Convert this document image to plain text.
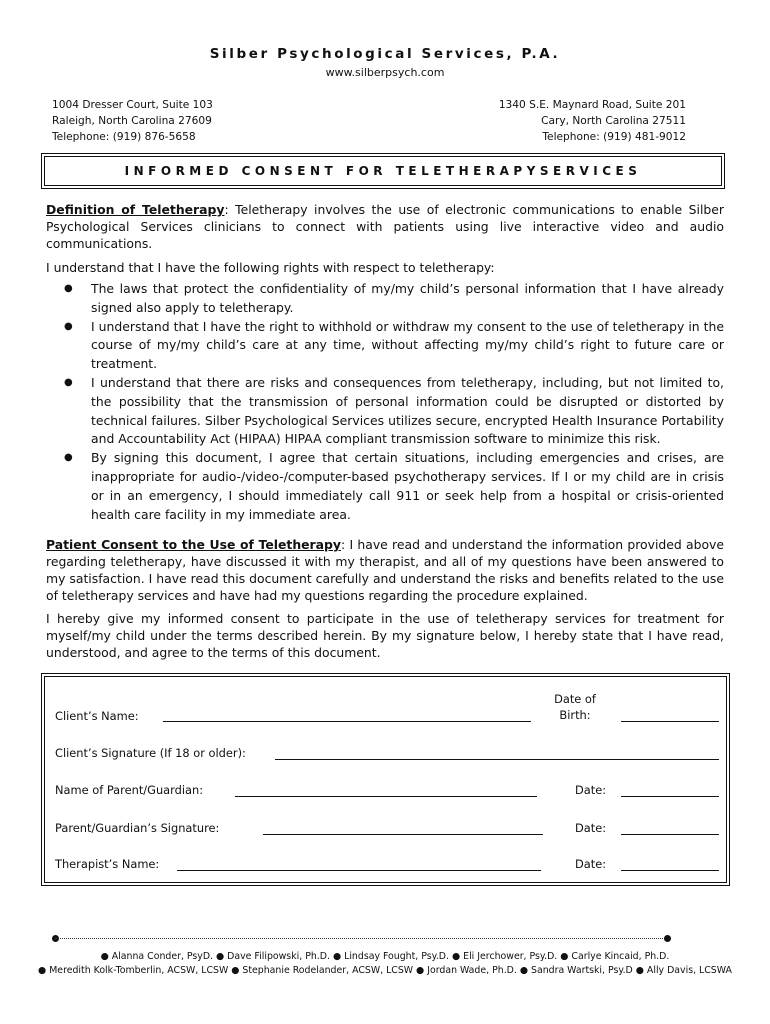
Silber Psychological Services, P.A.
www.silberpsych.com
1004 Dresser Court, Suite 103
Raleigh, North Carolina 27609
Telephone: (919) 876-5658
1340 S.E. Maynard Road, Suite 201
Cary, North Carolina 27511
Telephone: (919) 481-9012
INFORMED CONSENT FOR TELETHERAPYSERVICES
Definition of Teletherapy: Teletherapy involves the use of electronic communications to enable Silber Psychological Services clinicians to connect with patients using live interactive video and audio communications.
I understand that I have the following rights with respect to teletherapy:
● The laws that protect the confidentiality of my/my child’s personal information that I have already signed also apply to teletherapy.
● I understand that I have the right to withhold or withdraw my consent to the use of teletherapy in the course of my/my child’s care at any time, without affecting my/my child’s right to future care or treatment.
● I understand that there are risks and consequences from teletherapy, including, but not limited to, the possibility that the transmission of personal information could be disrupted or distorted by technical failures. Silber Psychological Services utilizes secure, encrypted Health Insurance Portability and Accountability Act (HIPAA) HIPAA compliant transmission software to minimize this risk.
● By signing this document, I agree that certain situations, including emergencies and crises, are inappropriate for audio-/video-/computer-based psychotherapy services. If I or my child are in crisis or in an emergency, I should immediately call 911 or seek help from a hospital or crisis-oriented health care facility in my immediate area.
Patient Consent to the Use of Teletherapy: I have read and understand the information provided above regarding teletherapy, have discussed it with my therapist, and all of my questions have been answered to my satisfaction. I have read this document carefully and understand the risks and benefits related to the use of teletherapy services and have had my questions regarding the procedure explained.
I hereby give my informed consent to participate in the use of teletherapy services for treatment for myself/my child under the terms described herein. By my signature below, I hereby state that I have read, understood, and agree to the terms of this document.
Client’s Name:
Date of Birth:
Client’s Signature (If 18 or older):
Name of Parent/Guardian:	Date:
Parent/Guardian’s Signature:	Date:
Therapist’s Name:	Date:
● Alanna Conder, PsyD. ● Dave Filipowski, Ph.D. ● Lindsay Fought, Psy.D. ● Eli Jerchower, Psy.D. ● Carlye Kincaid, Ph.D.
● Meredith Kolk-Tomberlin, ACSW, LCSW ● Stephanie Rodelander, ACSW, LCSW ● Jordan Wade, Ph.D. ● Sandra Wartski, Psy.D ● Ally Davis, LCSWA
